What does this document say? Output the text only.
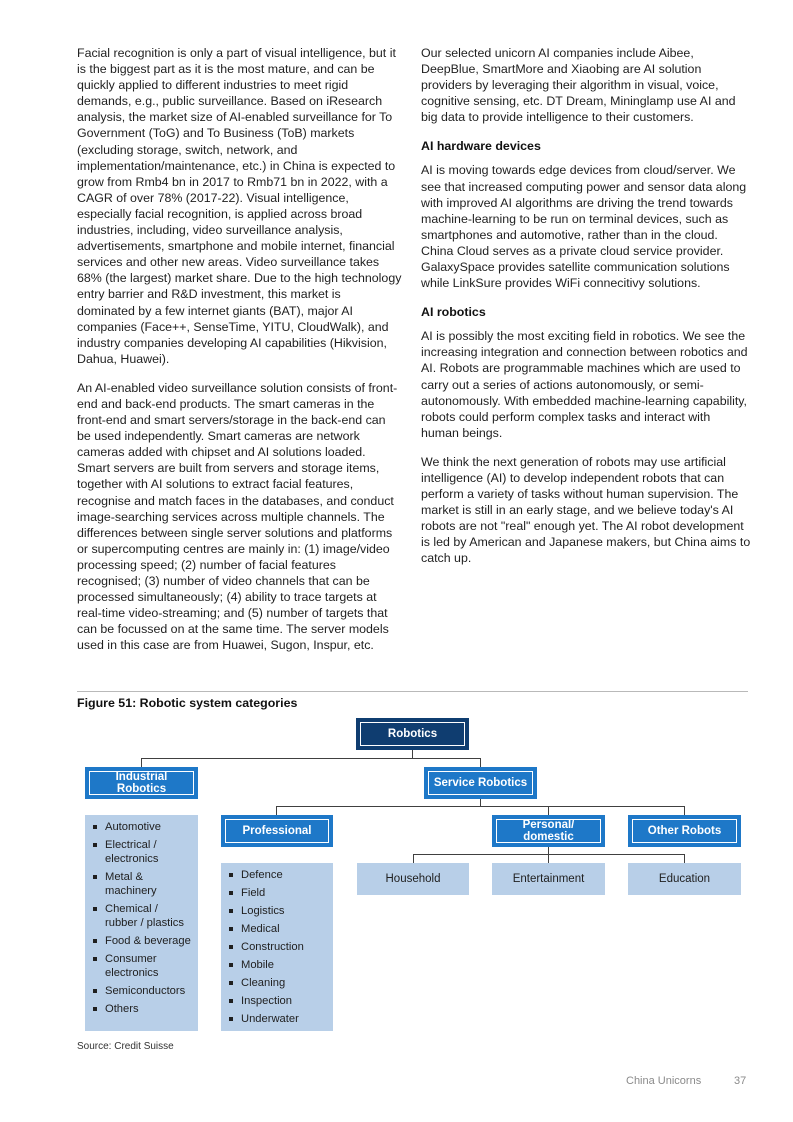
Facial recognition is only a part of visual intelligence, but it is the biggest part as it is the most mature, and can be quickly applied to different industries to meet rigid demands, e.g., public surveillance. Based on iResearch analysis, the market size of AI-enabled surveillance for To Government (ToG) and To Business (ToB) markets (excluding storage, switch, network, and implementation/maintenance, etc.) in China is expected to grow from Rmb4 bn in 2017 to Rmb71 bn in 2022, with a CAGR of over 78% (2017-22). Visual intelligence, especially facial recognition, is applied across broad industries, including, video surveillance analysis, advertisements, smartphone and mobile internet, financial services and other new areas. Video surveillance takes 68% (the largest) market share. Due to the high technology entry barrier and R&D investment, this market is dominated by a few internet giants (BAT), major AI companies (Face++, SenseTime, YITU, CloudWalk), and industry companies developing AI capabilities (Hikvision, Dahua, Huawei).

An AI-enabled video surveillance solution consists of front-end and back-end products. The smart cameras in the front-end and smart servers/storage in the back-end can be used independently. Smart cameras are network cameras added with chipset and AI solutions loaded. Smart servers are built from servers and storage items, together with AI solutions to extract facial features, recognise and match faces in the databases, and conduct image-searching services across multiple channels. The differences between single server solutions and platforms or supercomputing centres are mainly in: (1) image/video processing speed; (2) number of facial features recognised; (3) number of video channels that can be processed simultaneously; (4) ability to trace targets at real-time video-streaming; and (5) number of targets that can be focussed on at the same time. The server models used in this case are from Huawei, Sugon, Inspur, etc.

Our selected unicorn AI companies include Aibee, DeepBlue, SmartMore and Xiaobing are AI solution providers by leveraging their algorithm in visual, voice, cognitive sensing, etc. DT Dream, Mininglamp use AI and big data to provide intelligence to their customers.

AI hardware devices

AI is moving towards edge devices from cloud/server. We see that increased computing power and sensor data along with improved AI algorithms are driving the trend towards machine-learning to be run on terminal devices, such as smartphones and automotive, rather than in the cloud. China Cloud serves as a private cloud service provider. GalaxySpace provides satellite communication solutions while LinkSure provides WiFi connecitivy solutions.

AI robotics

AI is possibly the most exciting field in robotics. We see the increasing integration and connection between robotics and AI. Robots are programmable machines which are used to carry out a series of actions autonomously, or semi-autonomously. With embedded machine-learning capability, robots could perform complex tasks and interact with human beings.

We think the next generation of robots may use artificial intelligence (AI) to develop independent robots that can perform a variety of tasks without human supervision. The market is still in an early stage, and we believe today's AI robots are not "real" enough yet. The AI robot development is led by American and Japanese makers, but China aims to catch up.

Figure 51: Robotic system categories
Robotics
Industrial Robotics	Service Robotics
Professional	Personal/ domestic	Other Robots
Household	Entertainment	Education
Automotive
Electrical / electronics
Metal & machinery
Chemical / rubber / plastics
Food & beverage
Consumer electronics
Semiconductors
Others
Defence
Field
Logistics
Medical
Construction
Mobile
Cleaning
Inspection
Underwater
Source: Credit Suisse
China Unicorns	37
